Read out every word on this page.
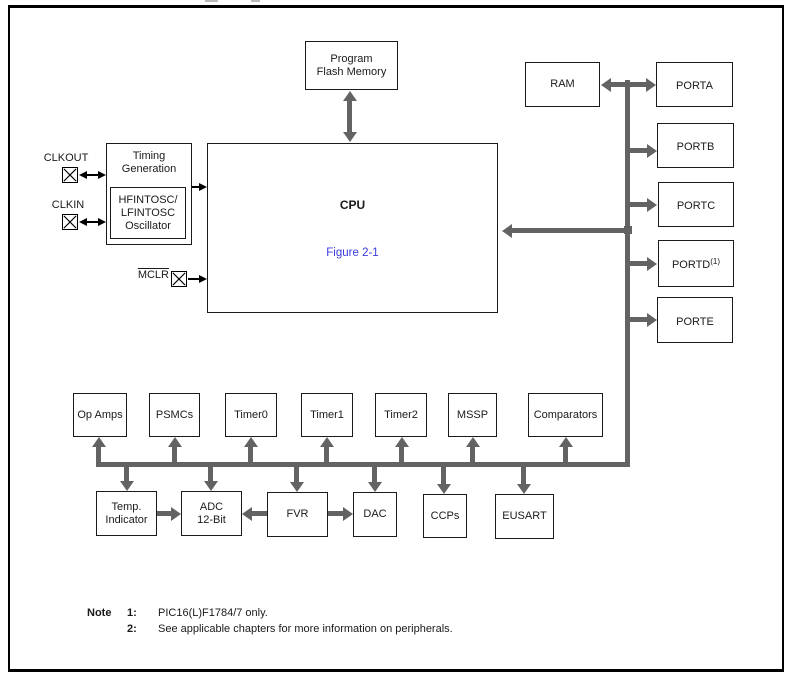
Program
Flash Memory
RAM
CPU
Figure 2-1
Timing
Generation
HFINTOSC/
LFINTOSC
Oscillator
CLKOUT
CLKIN
MCLR
PORTA
PORTB
PORTC
PORTD$^{(1)}$
PORTE
Op Amps	PSMCs	Timer0	Timer1	Timer2	MSSP	Comparators
Temp.
Indicator
ADC
12-Bit	FVR	DAC	CCPs	EUSART
Note	1:	PIC16(L)F1784/7 only.
2:	See applicable chapters for more information on peripherals.
